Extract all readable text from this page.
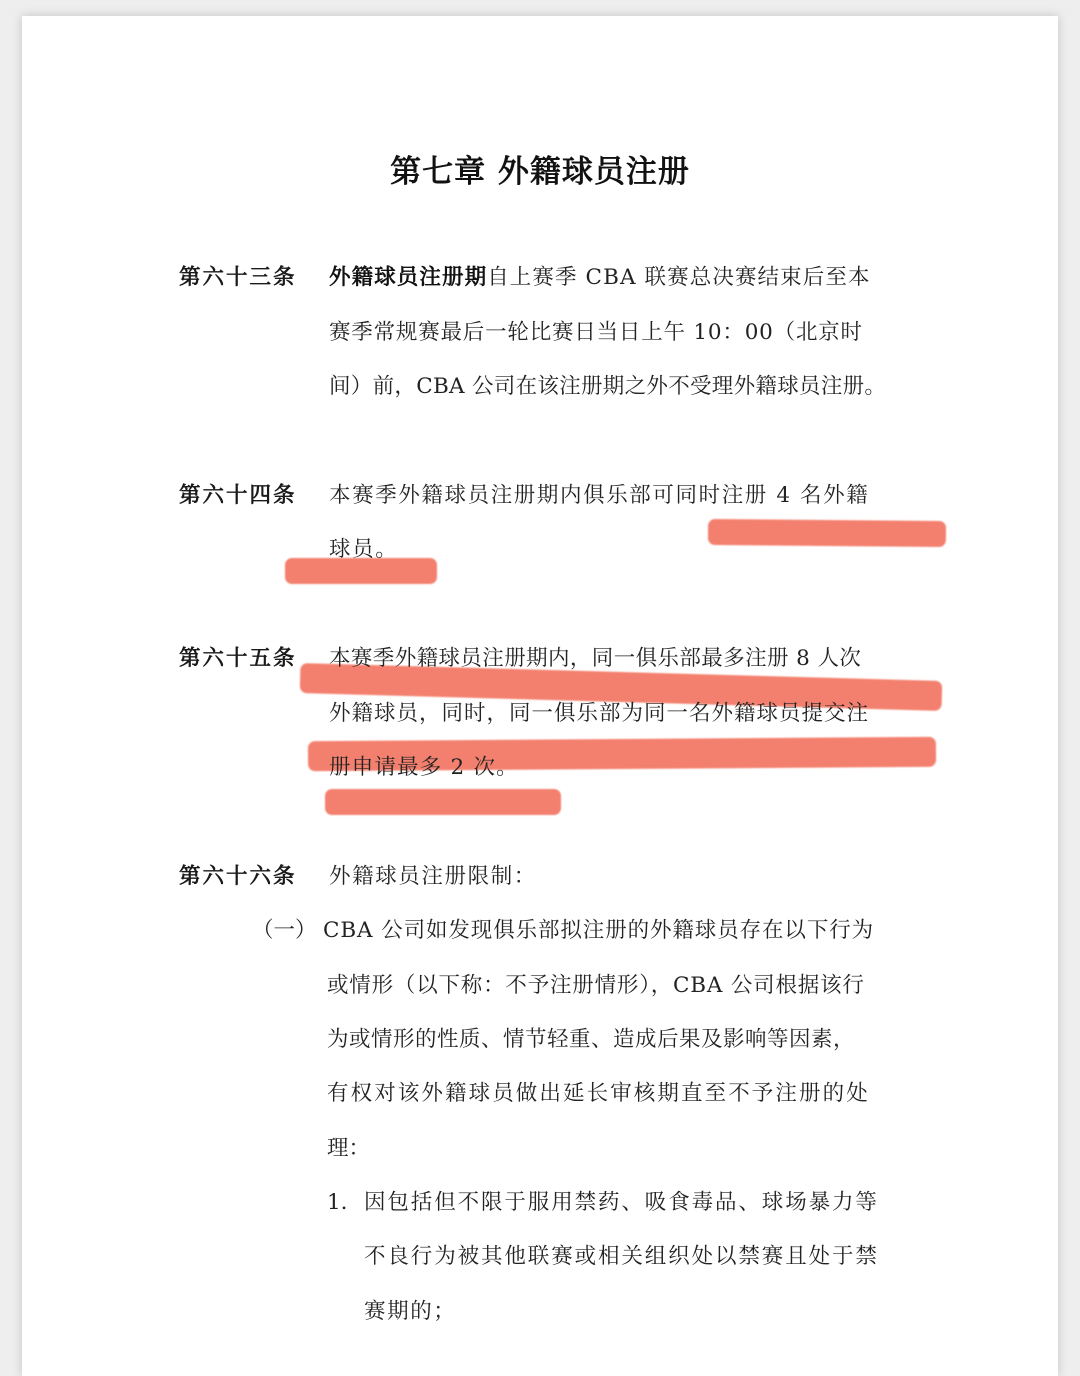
第七章 外籍球员注册
第六十三条 外籍球员注册期自上赛季 CBA 联赛总决赛结束后至本
赛季常规赛最后一轮比赛日当日上午 10：00（北京时
间）前，CBA 公司在该注册期之外不受理外籍球员注册。
第六十四条 本赛季外籍球员注册期内俱乐部可同时注册 4 名外籍
球员。
第六十五条 本赛季外籍球员注册期内，同一俱乐部最多注册 8 人次
外籍球员，同时，同一俱乐部为同一名外籍球员提交注
册申请最多 2 次。
第六十六条 外籍球员注册限制：
（一） CBA 公司如发现俱乐部拟注册的外籍球员存在以下行为
或情形（以下称：不予注册情形），CBA 公司根据该行
为或情形的性质、情节轻重、造成后果及影响等因素，
有权对该外籍球员做出延长审核期直至不予注册的处
理：
1. 因包括但不限于服用禁药、吸食毒品、球场暴力等
不良行为被其他联赛或相关组织处以禁赛且处于禁
赛期的；
